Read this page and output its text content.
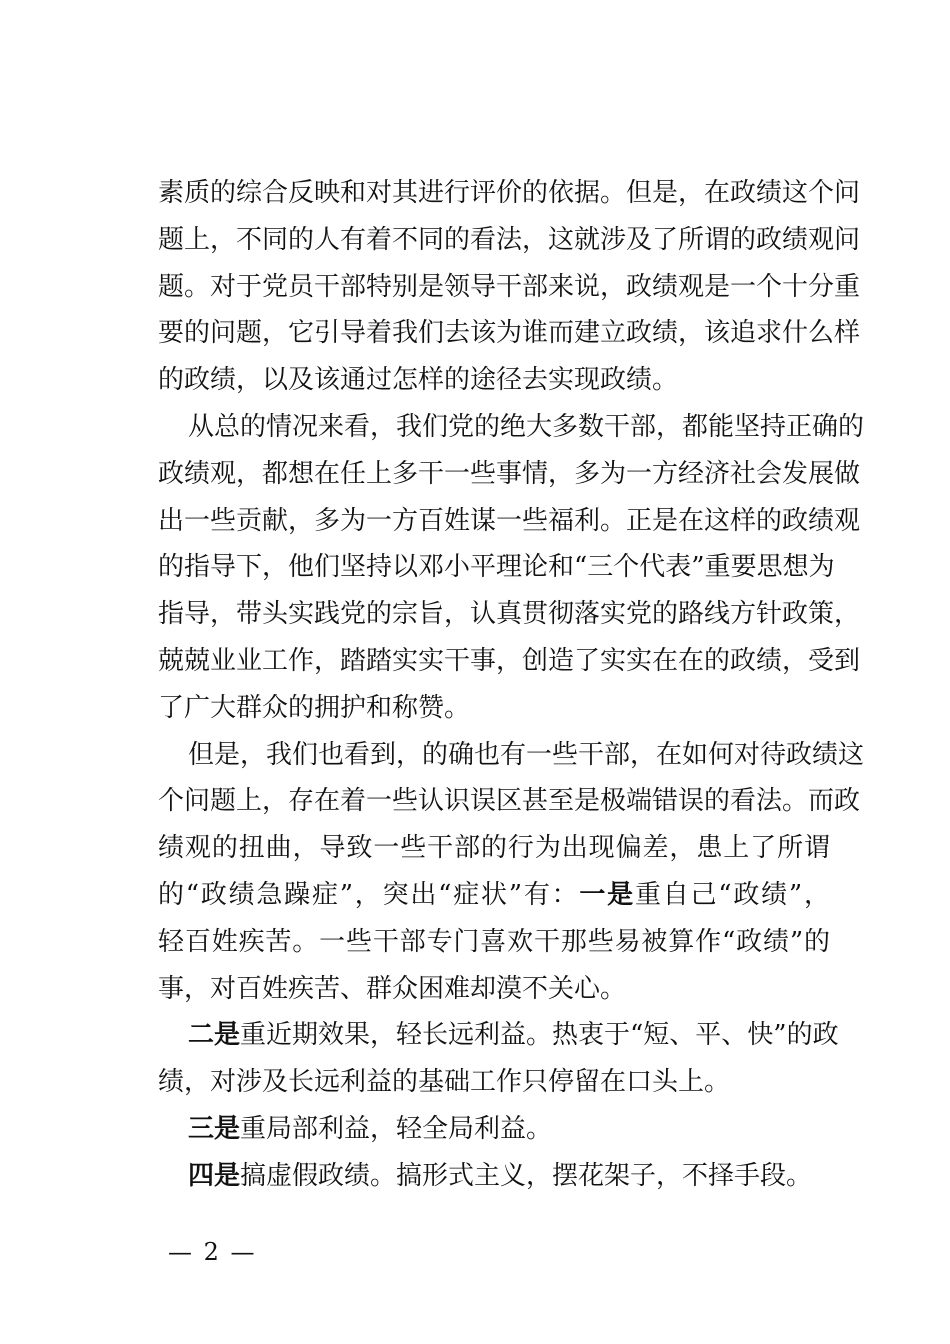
素质的综合反映和对其进行评价的依据。但是，在政绩这个问
题上，不同的人有着不同的看法，这就涉及了所谓的政绩观问
题。对于党员干部特别是领导干部来说，政绩观是一个十分重
要的问题，它引导着我们去该为谁而建立政绩，该追求什么样
的政绩，以及该通过怎样的途径去实现政绩。
从总的情况来看，我们党的绝大多数干部，都能坚持正确的
政绩观，都想在任上多干一些事情，多为一方经济社会发展做
出一些贡献，多为一方百姓谋一些福利。正是在这样的政绩观
的指导下，他们坚持以邓小平理论和“三个代表”重要思想为
指导，带头实践党的宗旨，认真贯彻落实党的路线方针政策，
兢兢业业工作，踏踏实实干事，创造了实实在在的政绩，受到
了广大群众的拥护和称赞。
但是，我们也看到，的确也有一些干部，在如何对待政绩这
个问题上，存在着一些认识误区甚至是极端错误的看法。而政
绩观的扭曲，导致一些干部的行为出现偏差，患上了所谓
的“政绩急躁症”，突出“症状”有：一是重自己“政绩”，
轻百姓疾苦。一些干部专门喜欢干那些易被算作“政绩”的
事，对百姓疾苦、群众困难却漠不关心。
二是重近期效果，轻长远利益。热衷于“短、平、快”的政
绩，对涉及长远利益的基础工作只停留在口头上。
三是重局部利益，轻全局利益。
四是搞虚假政绩。搞形式主义，摆花架子，不择手段。
— 2 —
